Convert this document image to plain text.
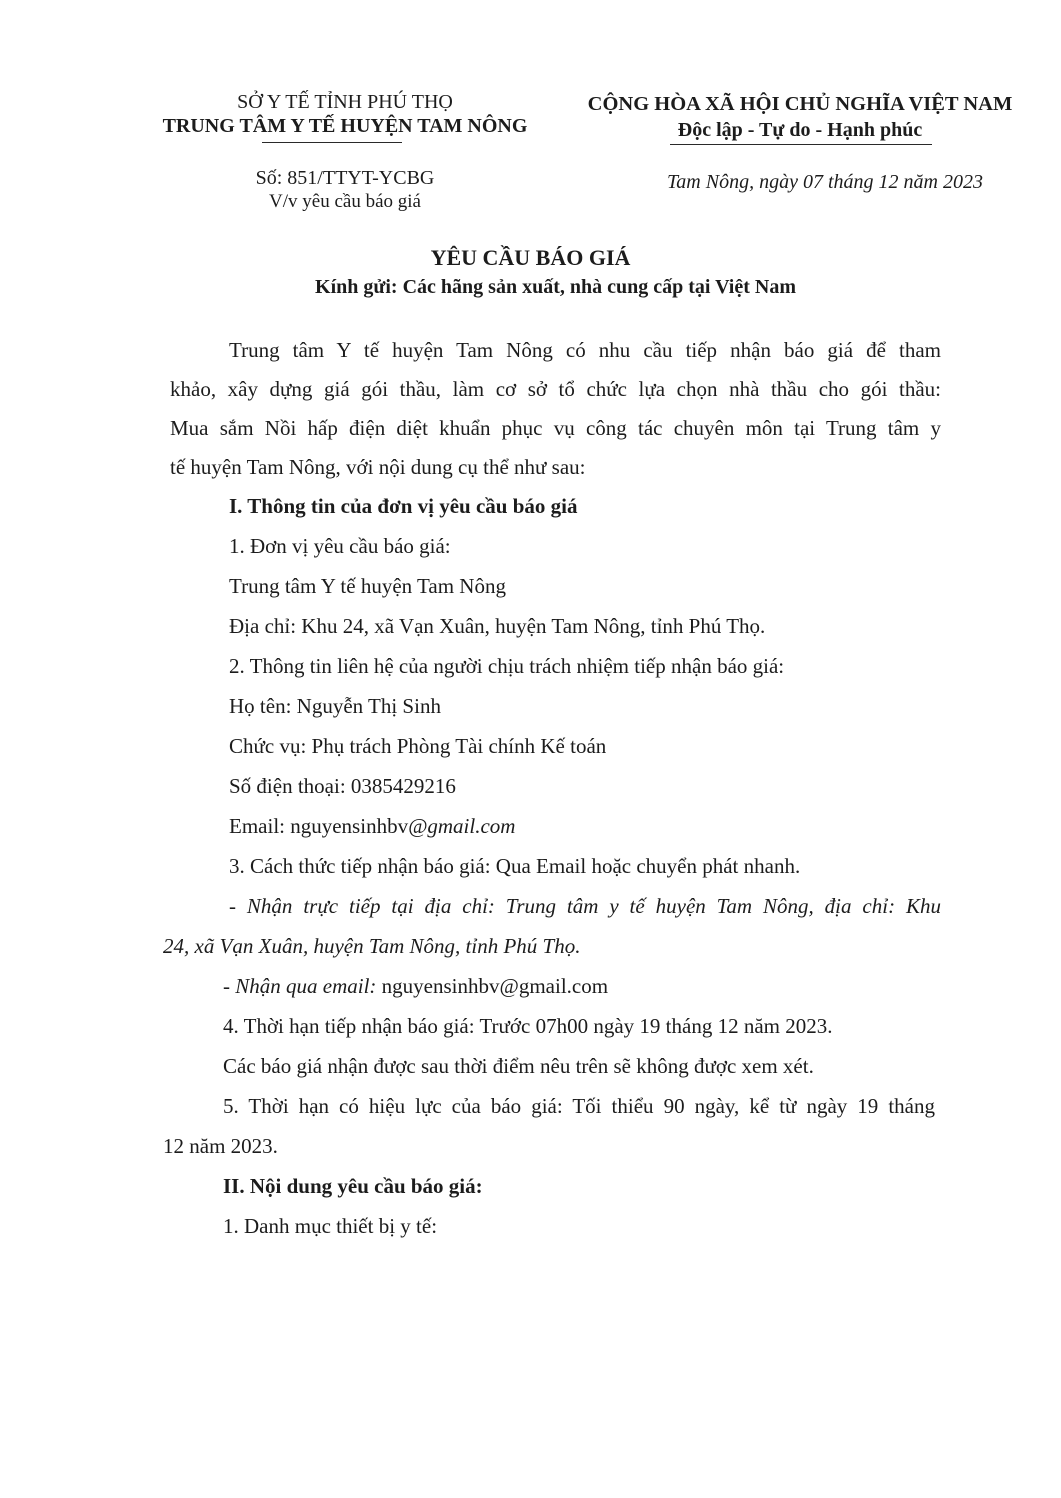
SỞ Y TẾ TỈNH PHÚ THỌ
TRUNG TÂM Y TẾ HUYỆN TAM NÔNG
CỘNG HÒA XÃ HỘI CHỦ NGHĨA VIỆT NAM
Độc lập - Tự do - Hạnh phúc
Số: 851/TTYT-YCBG
V/v yêu cầu báo giá
Tam Nông, ngày 07 tháng 12 năm 2023
YÊU CẦU BÁO GIÁ
Kính gửi: Các hãng sản xuất, nhà cung cấp tại Việt Nam
Trung tâm Y tế huyện Tam Nông có nhu cầu tiếp nhận báo giá để tham
khảo, xây dựng giá gói thầu, làm cơ sở tổ chức lựa chọn nhà thầu cho gói thầu:
Mua sắm Nồi hấp điện diệt khuẩn phục vụ công tác chuyên môn tại Trung tâm y
tế huyện Tam Nông, với nội dung cụ thể như sau:
I. Thông tin của đơn vị yêu cầu báo giá
1. Đơn vị yêu cầu báo giá:
Trung tâm Y tế huyện Tam Nông
Địa chỉ: Khu 24, xã Vạn Xuân, huyện Tam Nông, tỉnh Phú Thọ.
2. Thông tin liên hệ của người chịu trách nhiệm tiếp nhận báo giá:
Họ tên: Nguyễn Thị Sinh
Chức vụ: Phụ trách Phòng Tài chính Kế toán
Số điện thoại: 0385429216
Email: nguyensinhbv@gmail.com
3. Cách thức tiếp nhận báo giá: Qua Email hoặc chuyển phát nhanh.
- Nhận trực tiếp tại địa chỉ: Trung tâm y tế huyện Tam Nông, địa chỉ: Khu
24, xã Vạn Xuân, huyện Tam Nông, tỉnh Phú Thọ.
- Nhận qua email: nguyensinhbv@gmail.com
4. Thời hạn tiếp nhận báo giá: Trước 07h00 ngày 19 tháng 12 năm 2023.
Các báo giá nhận được sau thời điểm nêu trên sẽ không được xem xét.
5. Thời hạn có hiệu lực của báo giá: Tối thiểu 90 ngày, kể từ ngày 19 tháng
12 năm 2023.
II. Nội dung yêu cầu báo giá:
1. Danh mục thiết bị y tế:
